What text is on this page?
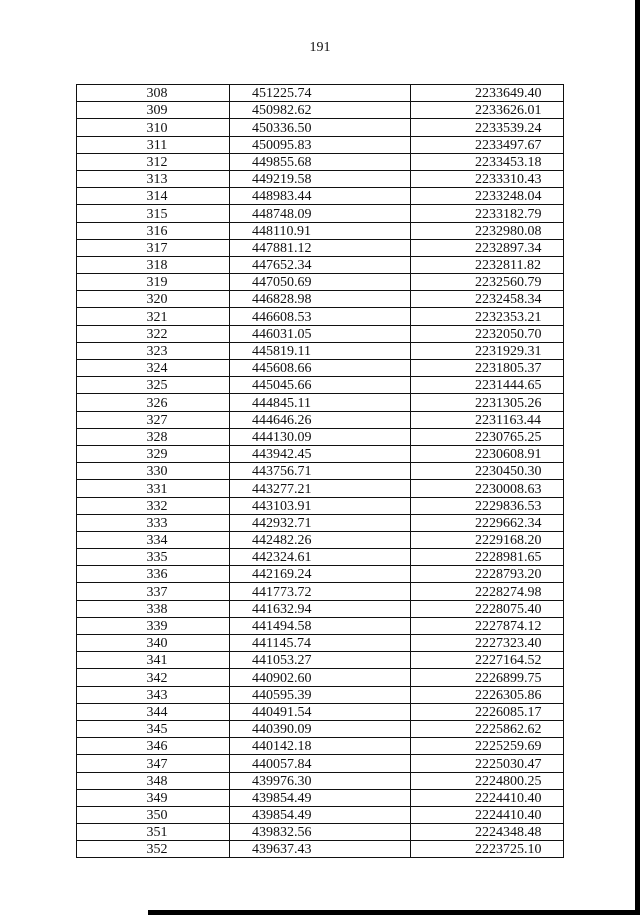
191
308	451225.74	2233649.40
309	450982.62	2233626.01
310	450336.50	2233539.24
311	450095.83	2233497.67
312	449855.68	2233453.18
313	449219.58	2233310.43
314	448983.44	2233248.04
315	448748.09	2233182.79
316	448110.91	2232980.08
317	447881.12	2232897.34
318	447652.34	2232811.82
319	447050.69	2232560.79
320	446828.98	2232458.34
321	446608.53	2232353.21
322	446031.05	2232050.70
323	445819.11	2231929.31
324	445608.66	2231805.37
325	445045.66	2231444.65
326	444845.11	2231305.26
327	444646.26	2231163.44
328	444130.09	2230765.25
329	443942.45	2230608.91
330	443756.71	2230450.30
331	443277.21	2230008.63
332	443103.91	2229836.53
333	442932.71	2229662.34
334	442482.26	2229168.20
335	442324.61	2228981.65
336	442169.24	2228793.20
337	441773.72	2228274.98
338	441632.94	2228075.40
339	441494.58	2227874.12
340	441145.74	2227323.40
341	441053.27	2227164.52
342	440902.60	2226899.75
343	440595.39	2226305.86
344	440491.54	2226085.17
345	440390.09	2225862.62
346	440142.18	2225259.69
347	440057.84	2225030.47
348	439976.30	2224800.25
349	439854.49	2224410.40
350	439854.49	2224410.40
351	439832.56	2224348.48
352	439637.43	2223725.10
